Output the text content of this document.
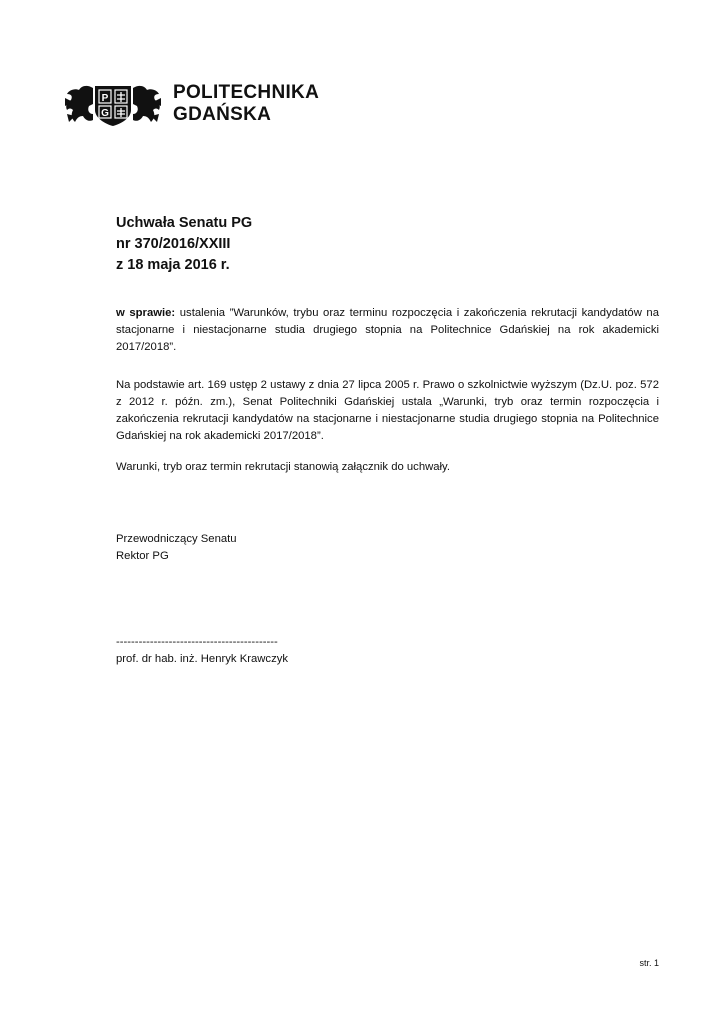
P
G
POLITECHNIKA
GDAŃSKA
Uchwała Senatu PG
nr 370/2016/XXIII
z 18 maja 2016 r.
w sprawie: ustalenia ”Warunków, trybu oraz terminu rozpoczęcia i zakończenia rekrutacji kandydatów na stacjonarne i niestacjonarne studia drugiego stopnia na Politechnice Gdańskiej na rok akademicki 2017/2018”.
Na podstawie art. 169 ustęp 2 ustawy z dnia 27 lipca 2005 r. Prawo o szkolnictwie wyższym (Dz.U. poz. 572 z 2012 r. późn. zm.), Senat Politechniki Gdańskiej ustala „Warunki, tryb oraz termin rozpoczęcia i zakończenia rekrutacji kandydatów na stacjonarne i niestacjonarne studia drugiego stopnia na Politechnice Gdańskiej na rok akademicki 2017/2018”.
Warunki, tryb oraz termin rekrutacji stanowią załącznik do uchwały.
Przewodniczący Senatu
Rektor PG
-------------------------------------------
prof. dr hab. inż. Henryk Krawczyk
str. 1
